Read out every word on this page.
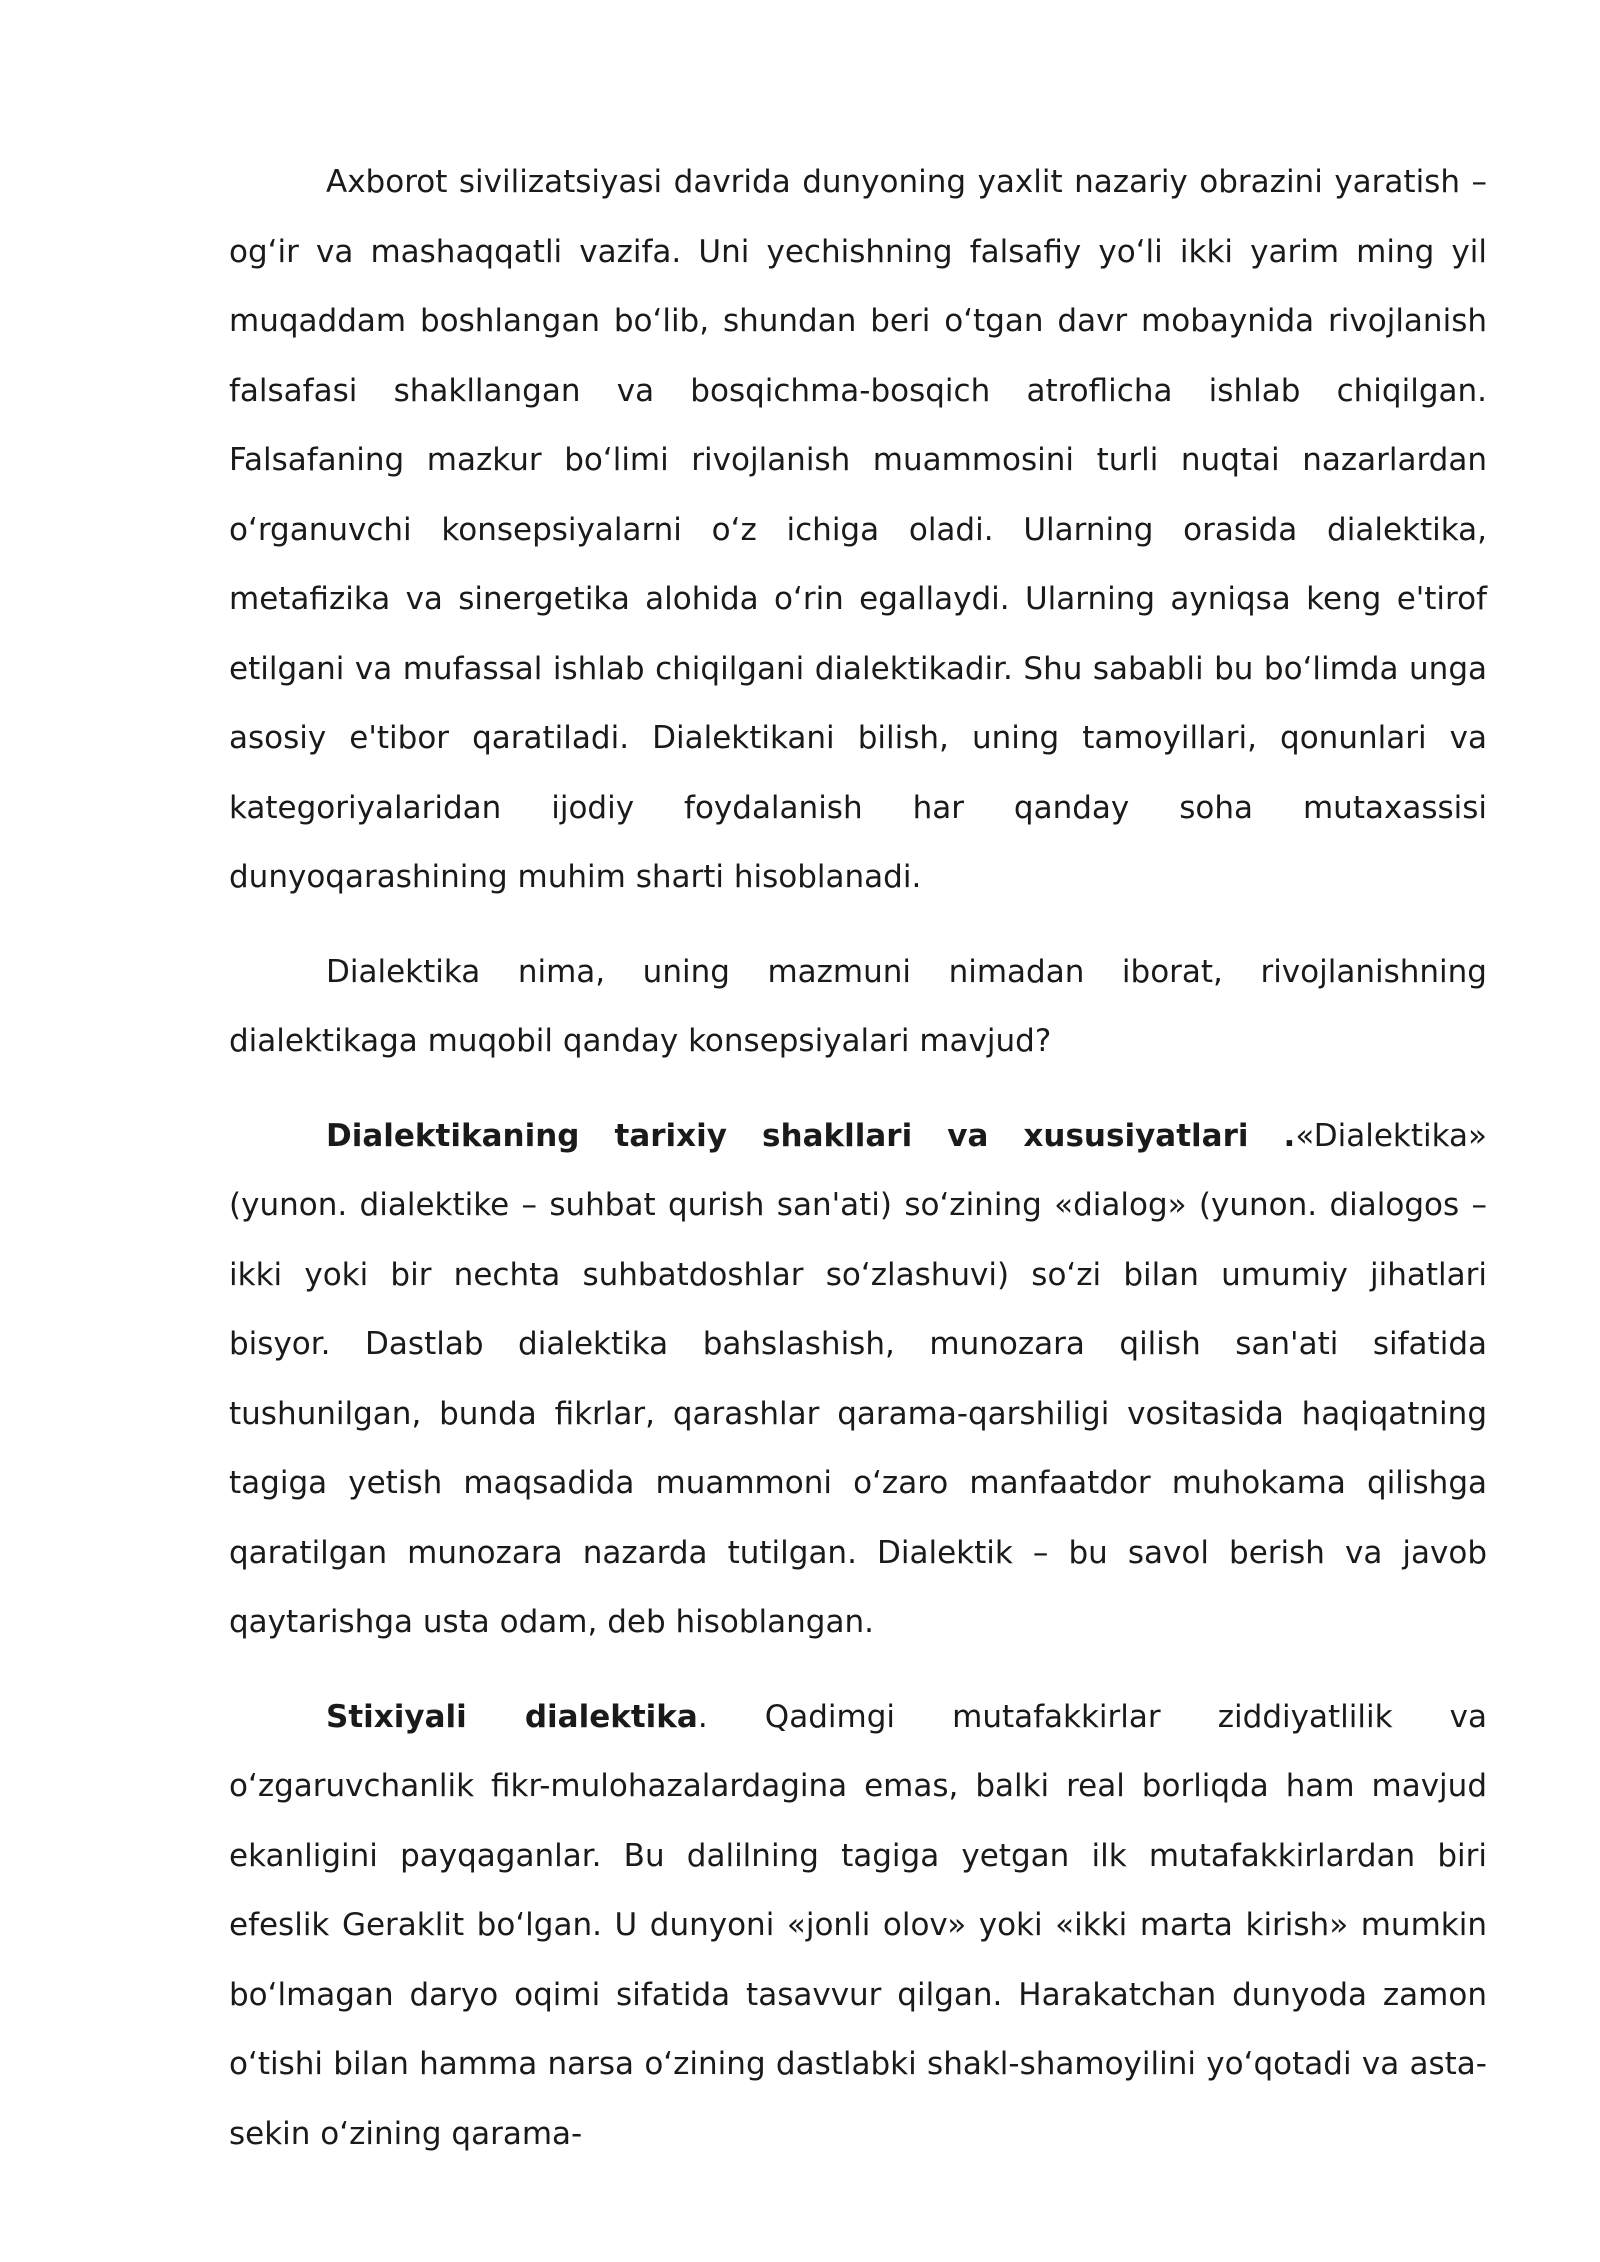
Axborot sivilizatsiyasi davrida dunyoning yaxlit nazariy obrazini yaratish – ogʻir va mashaqqatli vazifa. Uni yechishning falsafiy yoʻli ikki yarim ming yil muqaddam boshlangan boʻlib, shundan beri oʻtgan davr mobaynida rivojlanish falsafasi shakllangan va bosqichma-bosqich atroflicha ishlab chiqilgan. Falsafaning mazkur boʻlimi rivojlanish muammosini turli nuqtai nazarlardan oʻrganuvchi konsepsiyalarni oʻz ichiga oladi. Ularning orasida dialektika, metafizika va sinergetika alohida oʻrin egallaydi. Ularning ayniqsa keng e'tirof etilgani va mufassal ishlab chiqilgani dialektikadir. Shu sababli bu boʻlimda unga asosiy e'tibor qaratiladi. Dialektikani bilish, uning tamoyillari, qonunlari va kategoriyalaridan ijodiy foydalanish har qanday soha mutaxassisi dunyoqarashining muhim sharti hisoblanadi.

Dialektika nima, uning mazmuni nimadan iborat, rivojlanishning dialektikaga muqobil qanday konsepsiyalari mavjud?

Dialektikaning tarixiy shakllari va xususiyatlari .«Dialektika» (yunon. dialektike – suhbat qurish san'ati) soʻzining «dialog» (yunon. dialogos – ikki yoki bir nechta suhbatdoshlar soʻzlashuvi) soʻzi bilan umumiy jihatlari bisyor. Dastlab dialektika bahslashish, munozara qilish san'ati sifatida tushunilgan, bunda fikrlar, qarashlar qarama-qarshiligi vositasida haqiqatning tagiga yetish maqsadida muammoni oʻzaro manfaatdor muhokama qilishga qaratilgan munozara nazarda tutilgan. Dialektik – bu savol berish va javob qaytarishga usta odam, deb hisoblangan.

Stixiyali dialektika. Qadimgi mutafakkirlar ziddiyatlilik va oʻzgaruvchanlik fikr-mulohazalardagina emas, balki real borliqda ham mavjud ekanligini payqaganlar. Bu dalilning tagiga yetgan ilk mutafakkirlardan biri efeslik Geraklit boʻlgan. U dunyoni «jonli olov» yoki «ikki marta kirish» mumkin boʻlmagan daryo oqimi sifatida tasavvur qilgan. Harakatchan dunyoda zamon oʻtishi bilan hamma narsa oʻzining dastlabki shakl-shamoyilini yoʻqotadi va asta-sekin oʻzining qarama-
